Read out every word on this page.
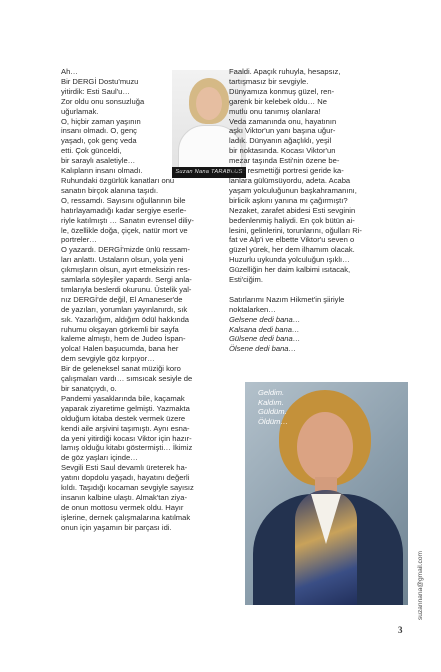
Suzan Nana TARABLUS

Ah…

Bir DERGİ Dostu'muzu

yitirdik: Esti Saul'u…

Zor oldu onu sonsuzluğa

uğurlamak.

O, hiçbir zaman yaşının

insanı olmadı. O, genç

yaşadı, çok genç veda

etti. Çok günceldi,

bir saraylı asaletiyle…

Kalıpların insanı olmadı.

Ruhundaki özgürlük kanatları onu

sanatın birçok alanına taşıdı.

O, ressamdı. Sayısını oğullarının bile

hatırlayamadığı kadar sergiye eserle-

riyle katılmıştı … Sanatın evrensel diliy-

le, özellikle doğa, çiçek, natür mort ve

portreler…

O yazardı. DERGİ'mizde ünlü ressam-

ları anlattı. Ustaların olsun, yola yeni

çıkmışların olsun, ayırt etmeksizin res-

samlarla söyleşiler yapardı. Sergi anla-

tımlarıyla beslerdi okurunu. Üstelik yal-

nız DERGİ'de değil, El Amaneser'de

de yazıları, yorumları yayınlanırdı, sık

sık. Yazarlığım, aldığım ödül hakkında

ruhumu okşayan görkemli bir sayfa

kaleme almıştı, hem de Judeo İspan-

yolca! Halen başucumda, bana her

dem sevgiyle göz kırpıyor…

Bir de geleneksel sanat müziği koro

çalışmaları vardı… sımsıcak sesiyle de

bir sanatçıydı, o.

Pandemi yasaklarında bile, kaçamak

yaparak ziyaretime gelmişti. Yazmakta

olduğum kitaba destek vermek üzere

kendi aile arşivini taşımıştı. Aynı esna-

da yeni yitirdiği kocası Viktor için hazır-

lamış olduğu kitabı göstermişti… İkimiz

de göz yaşları içinde…

Sevgili Esti Saul devamlı üreterek ha-

yatını dopdolu yaşadı, hayatını değerli

kıldı. Taşıdığı kocaman sevgiyle sayısız

insanın kalbine ulaştı. Almak'tan ziya-

de onun mottosu vermek oldu. Hayır

işlerine, dernek çalışmalarına katılmak

onun için yaşamın bir parçası idi.

Faaldi. Apaçık ruhuyla, hesapsız,

tartışmasız bir sevgiyle.

Dünyamıza konmuş güzel, ren-

garenk bir kelebek oldu… Ne

mutlu onu tanımış olanlara!

Veda zamanında onu, hayatının

aşkı Viktor'un yanı başına uğur-

ladık. Dünyanın ağaçlıklı, yeşil

bir noktasında. Kocası Viktor'un

mezar taşında Esti'nin özene be-

zene resmettiği portresi geride ka-

lanlara gülümsüyordu, adeta. Acaba

yaşam yolculuğunun başkahramanını,

birlicik aşkını yanına mı çağırmıştı?

Nezaket, zarafet abidesi Esti sevginin

bedenlenmiş haliydi. En çok bütün ai-

lesini, gelinlerini, torunlarını, oğulları Ri-

fat ve Alp'i ve elbette Viktor'u seven o

güzel yürek, her dem ilhamım olacak.

Huzurlu uykunda yolculuğun ışıklı…

Güzelliğin her daim kalbimi ısıtacak,

Esti'ciğim.

Satırlarımı Nazım Hikmet'in şiiriyle

noktalarken…

Gelsene dedi bana…

Kalsana dedi bana…

Gülsene dedi bana…

Ölsene dedi bana…

Geldim.
Kaldım.
Güldüm.
Öldüm…
suzannana@gmail.com
3
